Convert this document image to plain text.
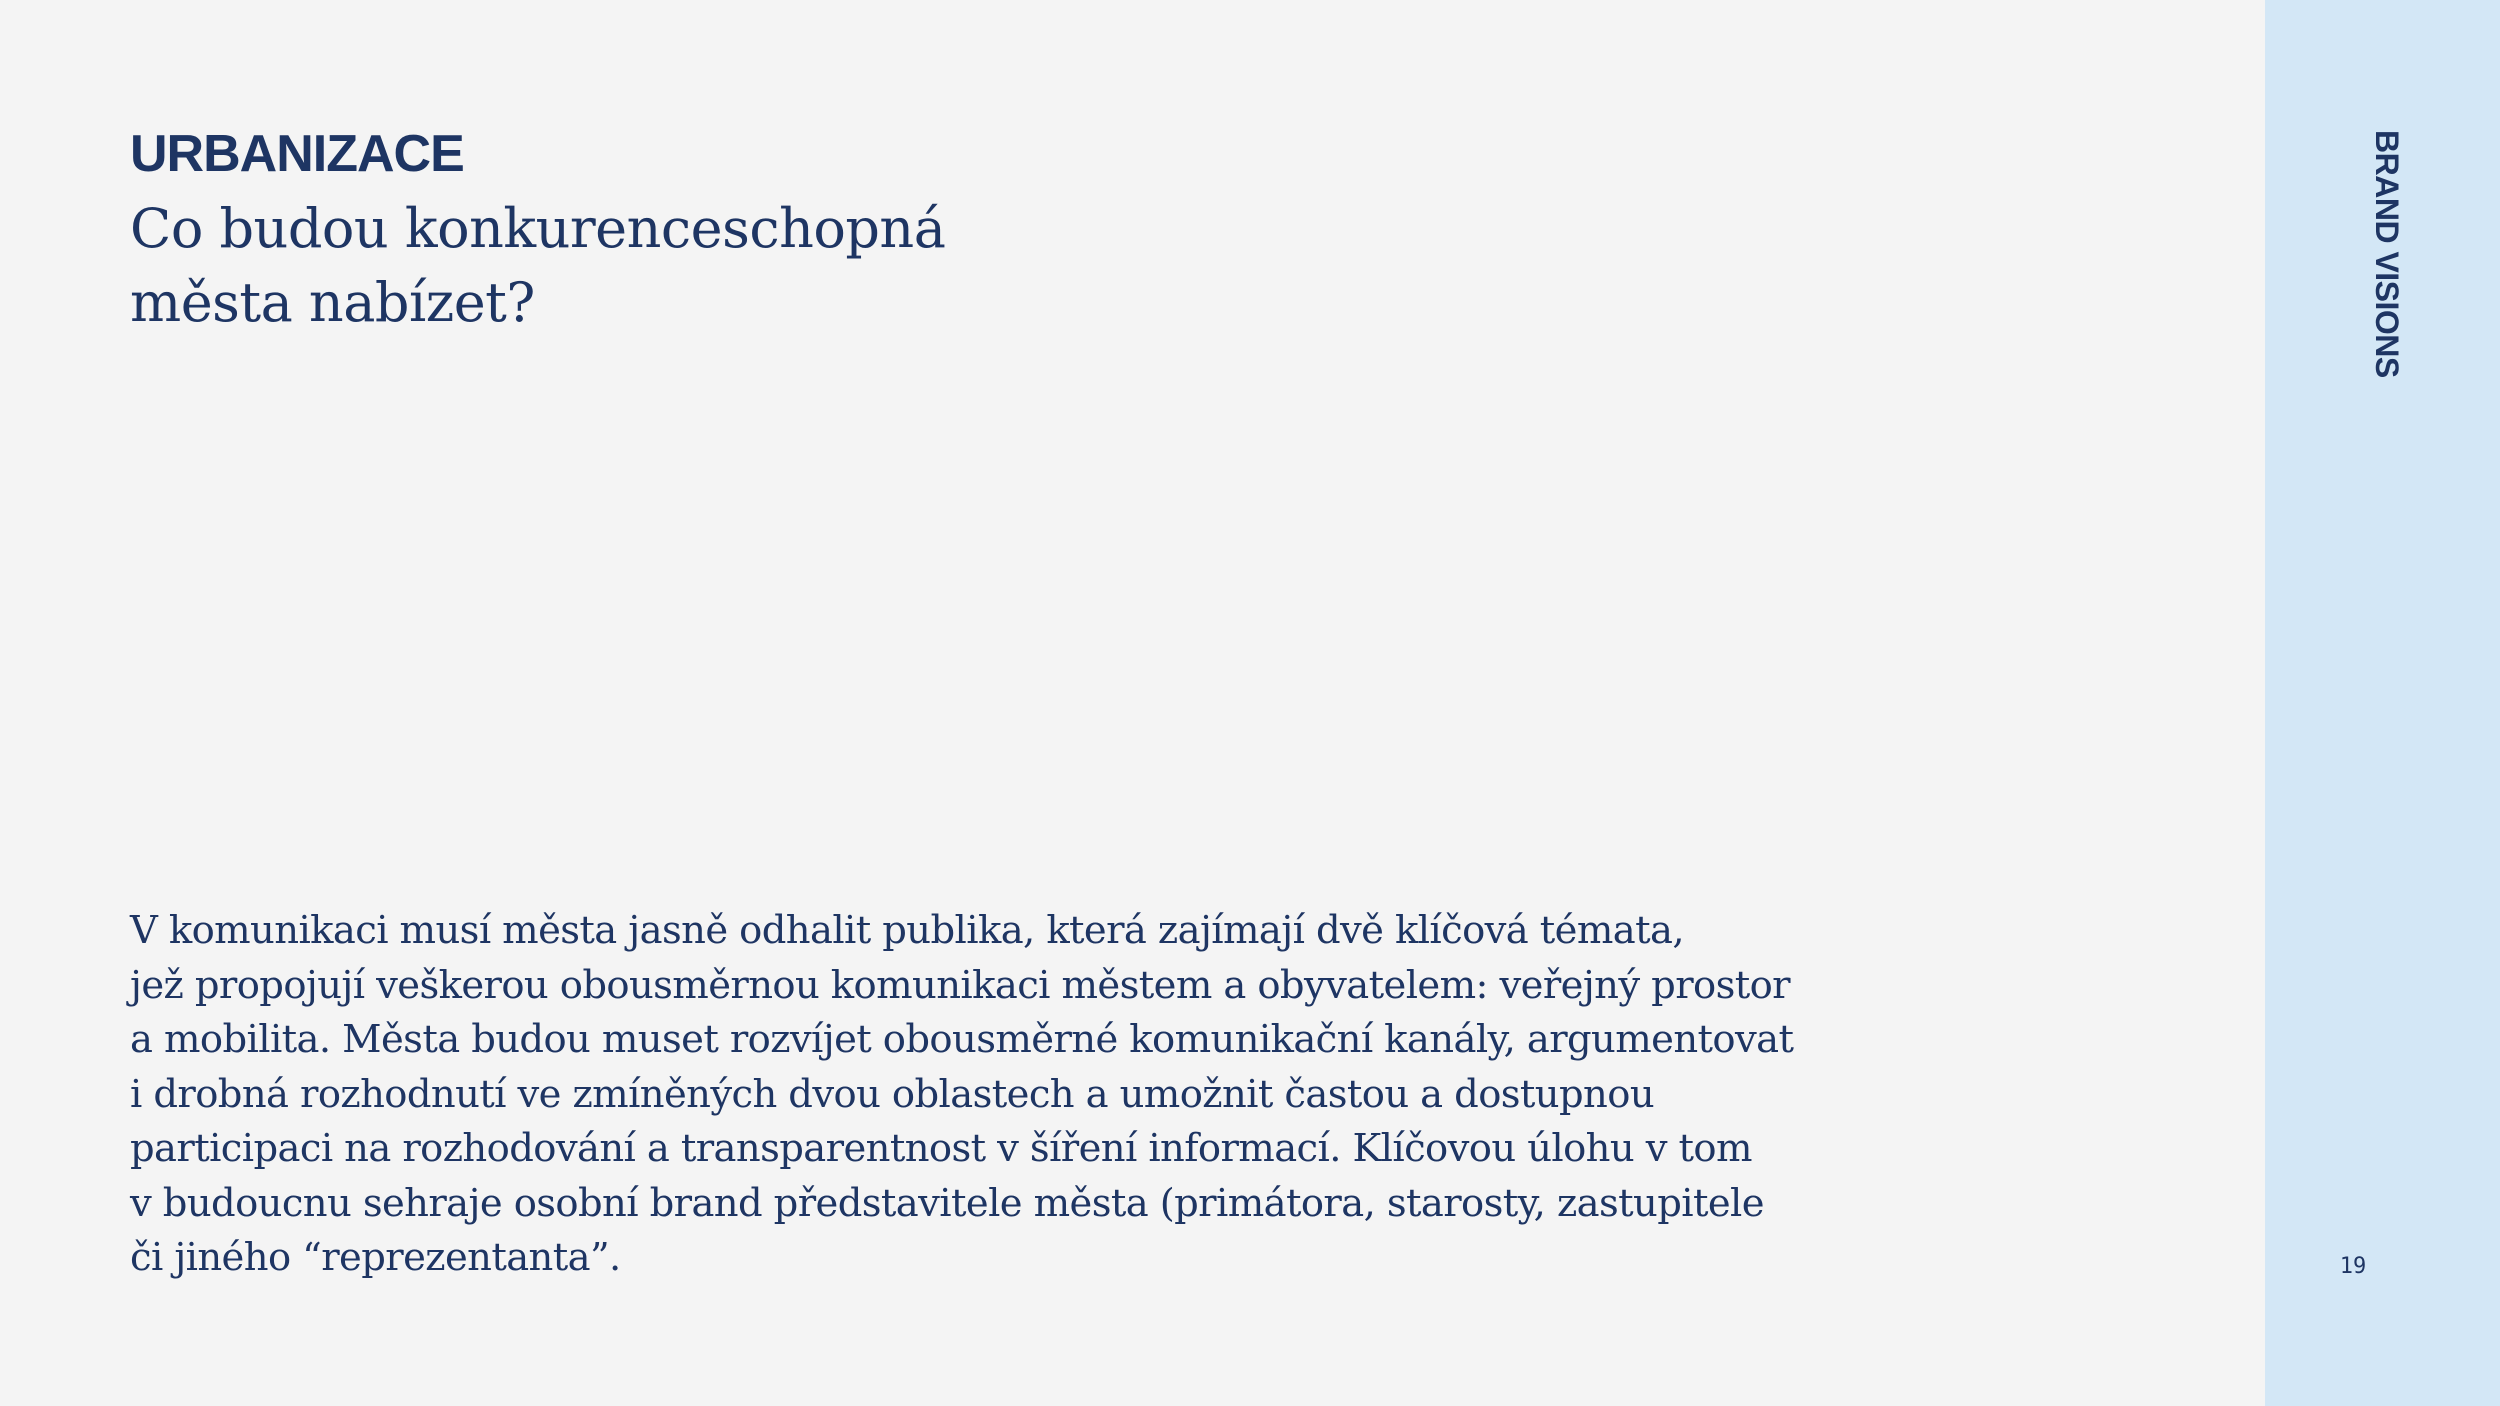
URBANIZACE
Co budou konkurenceschopná
města nabízet?

V komunikaci musí města jasně odhalit publika, která zajímají dvě klíčová témata,
jež propojují veškerou obousměrnou komunikaci městem a obyvatelem: veřejný prostor
a mobilita. Města budou muset rozvíjet obousměrné komunikační kanály, argumentovat
i drobná rozhodnutí ve zmíněných dvou oblastech a umožnit častou a dostupnou
participaci na rozhodování a transparentnost v šíření informací. Klíčovou úlohu v tom
v budoucnu sehraje osobní brand představitele města (primátora, starosty, zastupitele
či jiného “reprezentanta”.

BRAND VISIONS
19
